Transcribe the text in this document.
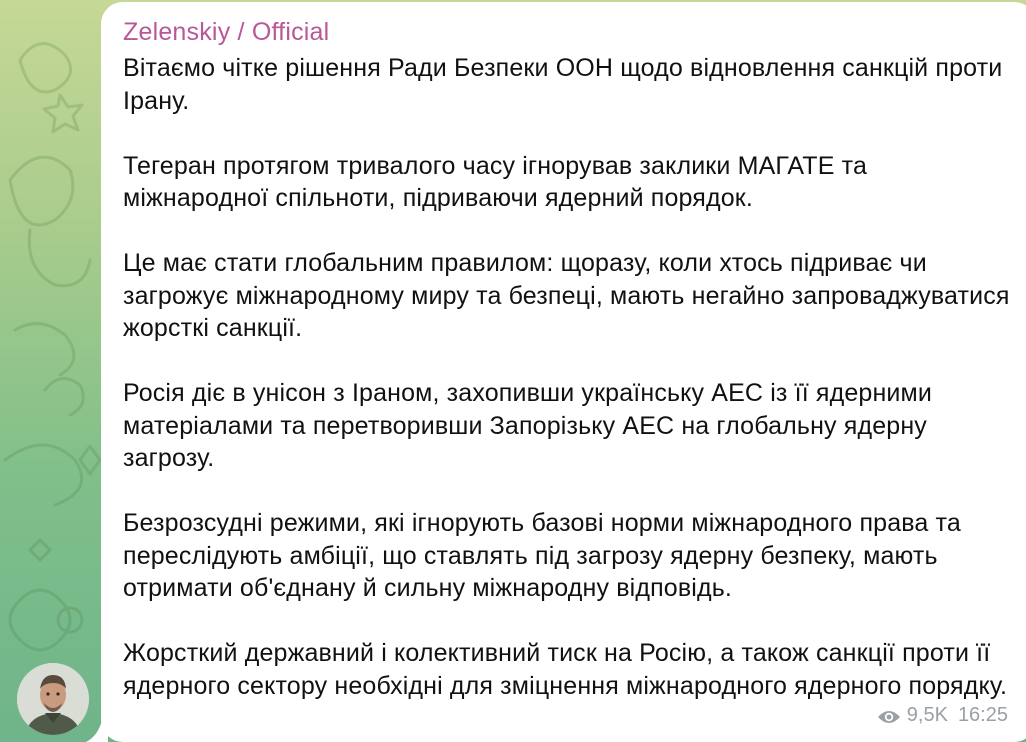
Zelenskiy / Official

Вітаємо чітке рішення Ради Безпеки ООН щодо відновлення санкцій проти Ірану.

Тегеран протягом тривалого часу ігнорував заклики МАГАТЕ та міжнародної спільноти, підриваючи ядерний порядок.

Це має стати глобальним правилом: щоразу, коли хтось підриває чи загрожує міжнародному миру та безпеці, мають негайно запроваджуватися жорсткі санкції.

Росія діє в унісон з Іраном, захопивши українську АЕС із її ядерними матеріалами та перетворивши Запорізьку АЕС на глобальну ядерну загрозу.

Безрозсудні режими, які ігнорують базові норми міжнародного права та переслідують амбіції, що ставлять під загрозу ядерну безпеку, мають отримати об'єднану й сильну міжнародну відповідь.

Жорсткий державний і колективний тиск на Росію, а також санкції проти її ядерного сектору необхідні для зміцнення міжнародного ядерного порядку.

9,5K 16:25
